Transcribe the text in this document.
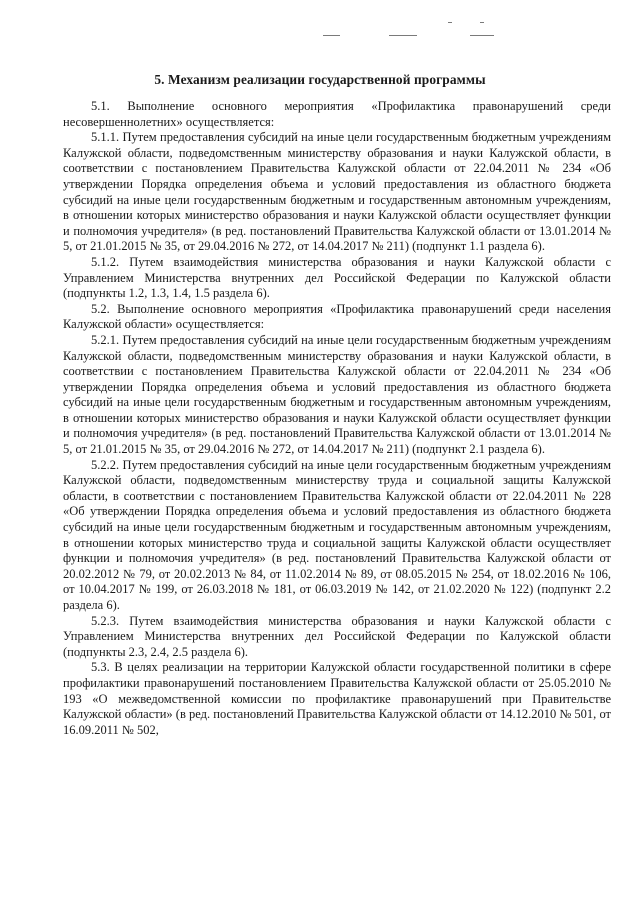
5. Механизм реализации государственной программы

5.1. Выполнение основного мероприятия «Профилактика правонарушений среди несовершеннолетних» осуществляется:

5.1.1. Путем предоставления субсидий на иные цели государственным бюджетным учреждениям Калужской области, подведомственным министерству образования и науки Калужской области, в соответствии с постановлением Правительства Калужской области от 22.04.2011 № 234 «Об утверждении Порядка определения объема и условий предоставления из областного бюджета субсидий на иные цели государственным бюджетным и государственным автономным учреждениям, в отношении которых министерство образования и науки Калужской области осуществляет функции и полномочия учредителя» (в ред. постановлений Правительства Калужской области от 13.01.2014 № 5, от 21.01.2015 № 35, от 29.04.2016 № 272, от 14.04.2017 № 211) (подпункт 1.1 раздела 6).

5.1.2. Путем взаимодействия министерства образования и науки Калужской области с Управлением Министерства внутренних дел Российской Федерации по Калужской области (подпункты 1.2, 1.3, 1.4, 1.5 раздела 6).

5.2. Выполнение основного мероприятия «Профилактика правонарушений среди населения Калужской области» осуществляется:

5.2.1. Путем предоставления субсидий на иные цели государственным бюджетным учреждениям Калужской области, подведомственным министерству образования и науки Калужской области, в соответствии с постановлением Правительства Калужской области от 22.04.2011 № 234 «Об утверждении Порядка определения объема и условий предоставления из областного бюджета субсидий на иные цели государственным бюджетным и государственным автономным учреждениям, в отношении которых министерство образования и науки Калужской области осуществляет функции и полномочия учредителя» (в ред. постановлений Правительства Калужской области от 13.01.2014 № 5, от 21.01.2015 № 35, от 29.04.2016 № 272, от 14.04.2017 № 211) (подпункт 2.1 раздела 6).

5.2.2. Путем предоставления субсидий на иные цели государственным бюджетным учреждениям Калужской области, подведомственным министерству труда и социальной защиты Калужской области, в соответствии с постановлением Правительства Калужской области от 22.04.2011 № 228 «Об утверждении Порядка определения объема и условий предоставления из областного бюджета субсидий на иные цели государственным бюджетным и государственным автономным учреждениям, в отношении которых министерство труда и социальной защиты Калужской области осуществляет функции и полномочия учредителя» (в ред. постановлений Правительства Калужской области от 20.02.2012 № 79, от 20.02.2013 № 84, от 11.02.2014 № 89, от 08.05.2015 № 254, от 18.02.2016 № 106, от 10.04.2017 № 199, от 26.03.2018 № 181, от 06.03.2019 № 142, от 21.02.2020 № 122) (подпункт 2.2 раздела 6).

5.2.3. Путем взаимодействия министерства образования и науки Калужской области с Управлением Министерства внутренних дел Российской Федерации по Калужской области (подпункты 2.3, 2.4, 2.5 раздела 6).

5.3. В целях реализации на территории Калужской области государственной политики в сфере профилактики правонарушений постановлением Правительства Калужской области от 25.05.2010 № 193 «О межведомственной комиссии по профилактике правонарушений при Правительстве Калужской области» (в ред. постановлений Правительства Калужской области от 14.12.2010 № 501, от 16.09.2011 № 502,
